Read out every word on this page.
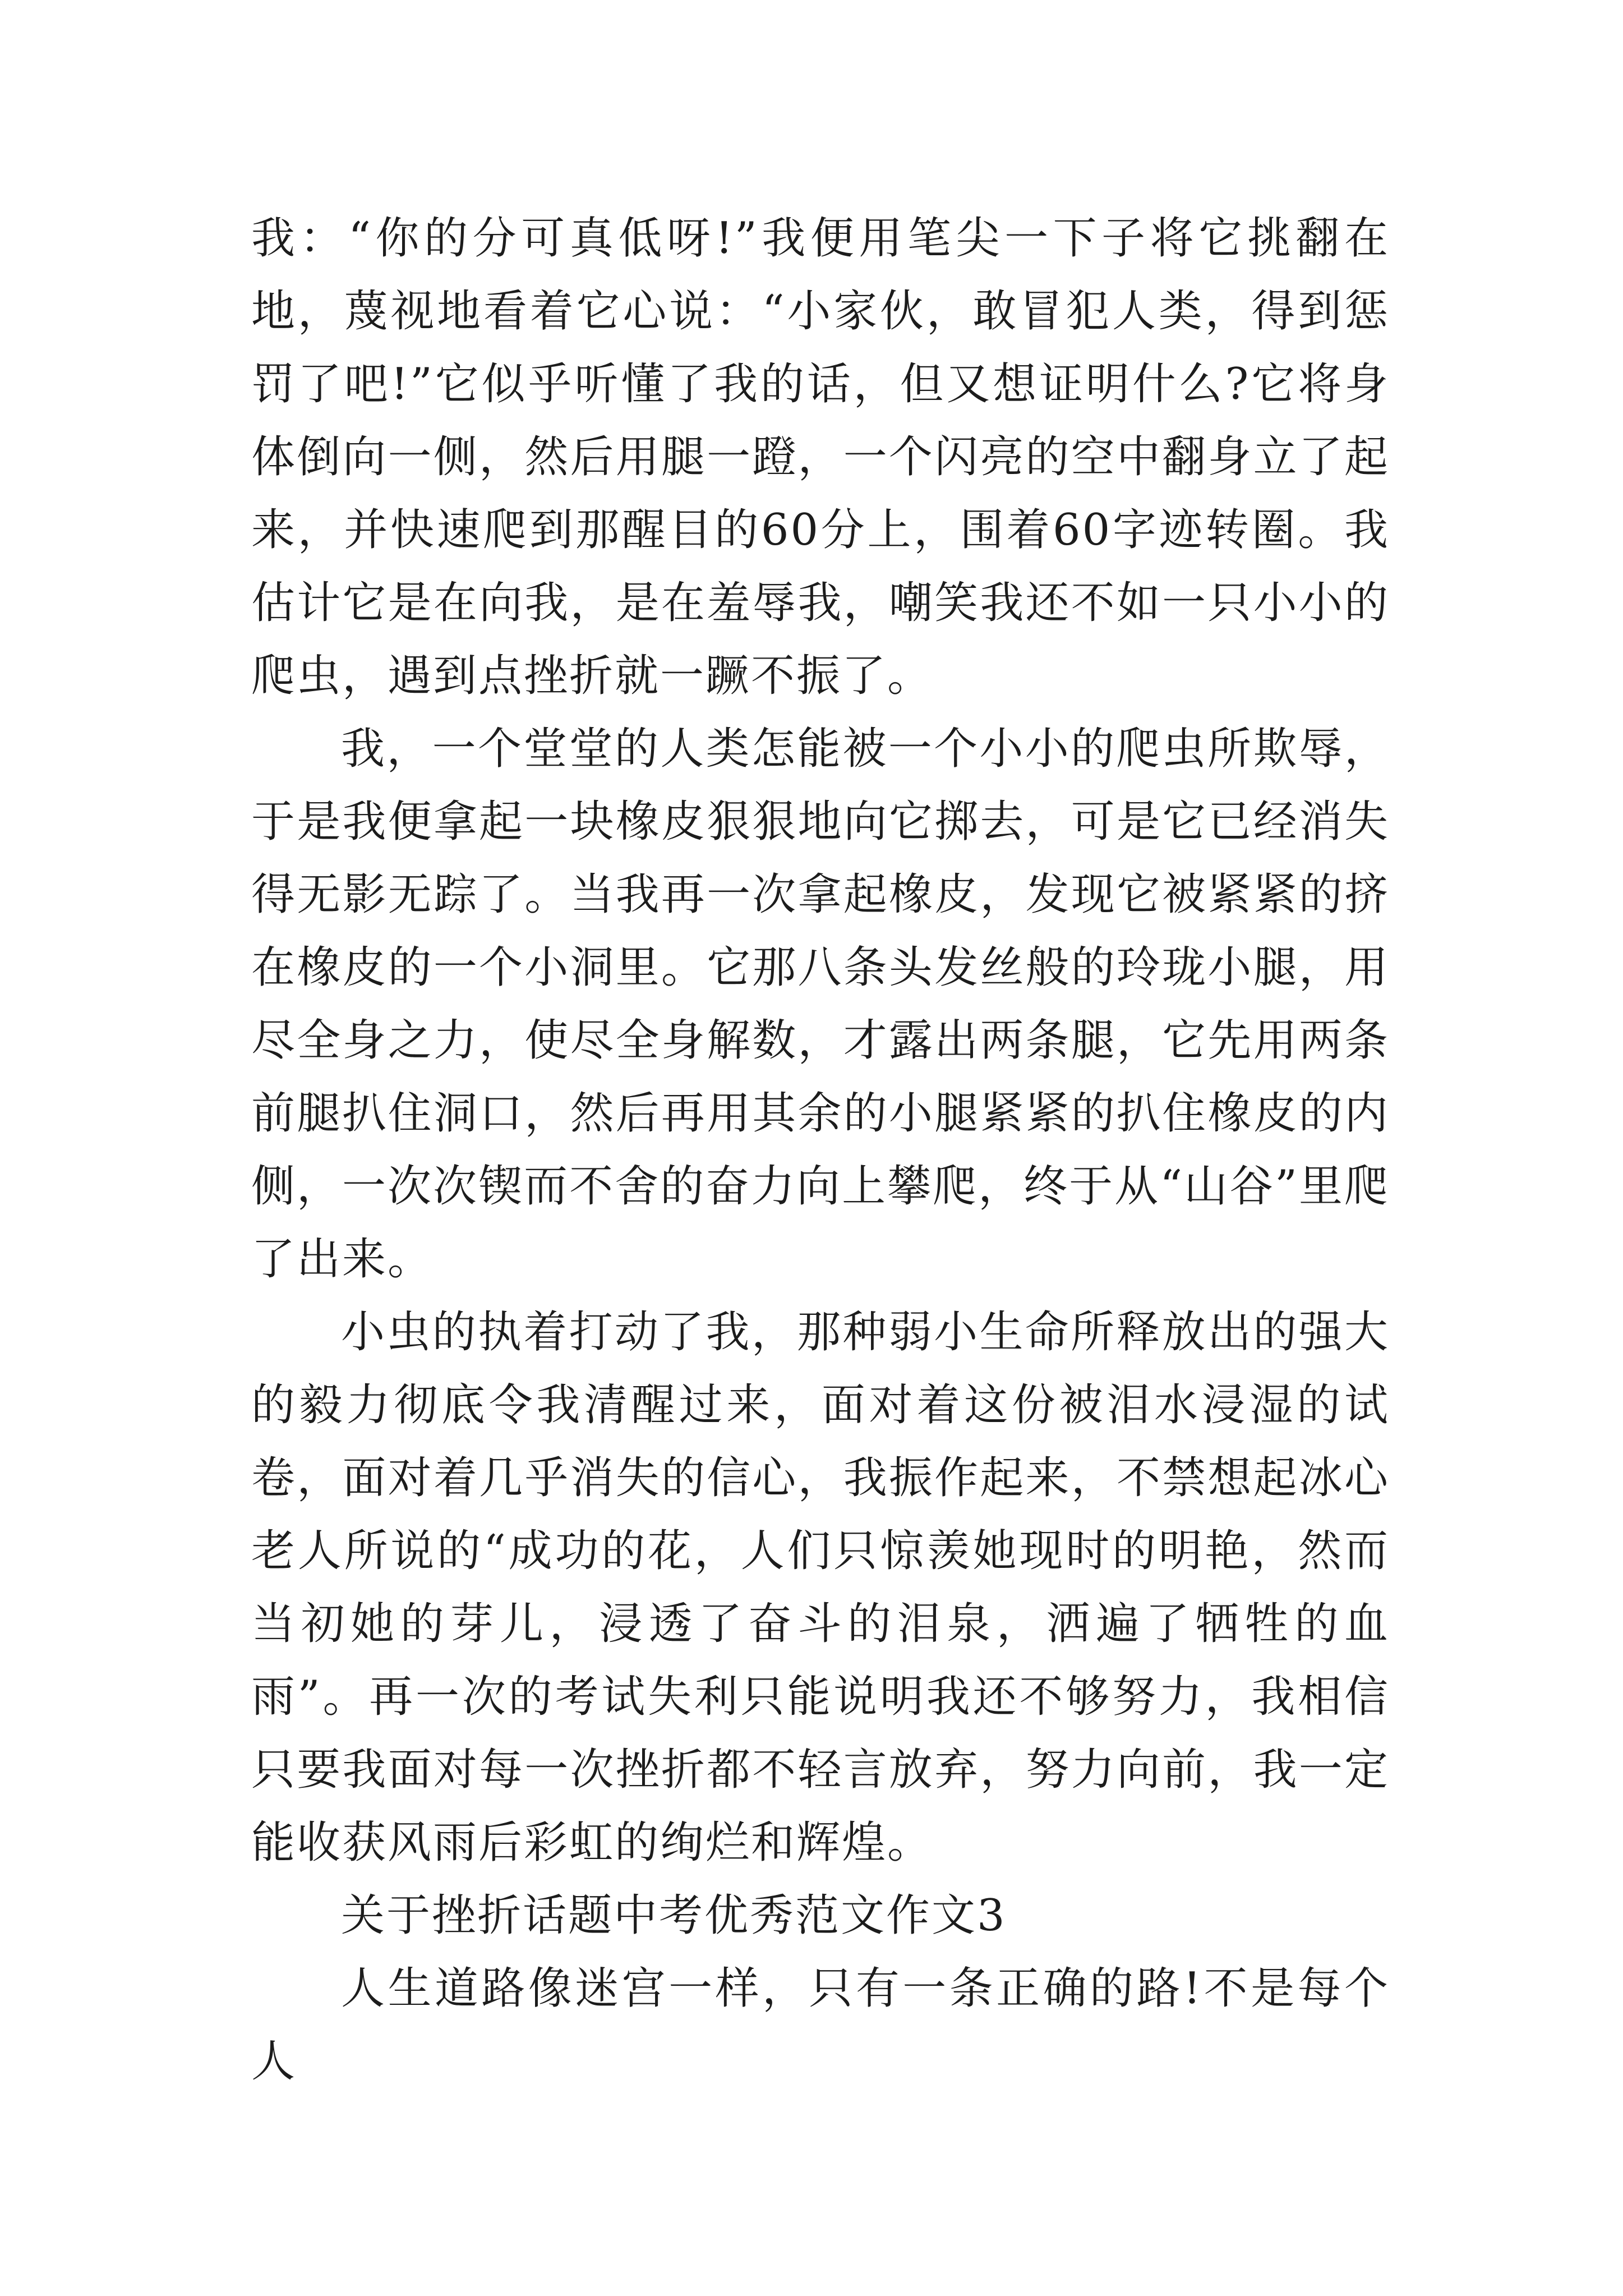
我：“你的分可真低呀!”我便用笔尖一下子将它挑翻在地，蔑视地看着它心说：“小家伙，敢冒犯人类，得到惩罚了吧!”它似乎听懂了我的话，但又想证明什么?它将身体倒向一侧，然后用腿一蹬，一个闪亮的空中翻身立了起来，并快速爬到那醒目的60分上，围着60字迹转圈。我估计它是在向我，是在羞辱我，嘲笑我还不如一只小小的爬虫，遇到点挫折就一蹶不振了。

我，一个堂堂的人类怎能被一个小小的爬虫所欺辱，于是我便拿起一块橡皮狠狠地向它掷去，可是它已经消失得无影无踪了。当我再一次拿起橡皮，发现它被紧紧的挤在橡皮的一个小洞里。它那八条头发丝般的玲珑小腿，用尽全身之力，使尽全身解数，才露出两条腿，它先用两条前腿扒住洞口，然后再用其余的小腿紧紧的扒住橡皮的内侧，一次次锲而不舍的奋力向上攀爬，终于从“山谷”里爬了出来。

小虫的执着打动了我，那种弱小生命所释放出的强大的毅力彻底令我清醒过来，面对着这份被泪水浸湿的试卷，面对着几乎消失的信心，我振作起来，不禁想起冰心老人所说的“成功的花，人们只惊羡她现时的明艳，然而当初她的芽儿，浸透了奋斗的泪泉，洒遍了牺牲的血雨”。再一次的考试失利只能说明我还不够努力，我相信只要我面对每一次挫折都不轻言放弃，努力向前，我一定能收获风雨后彩虹的绚烂和辉煌。

关于挫折话题中考优秀范文作文3

人生道路像迷宫一样，只有一条正确的路!不是每个人
